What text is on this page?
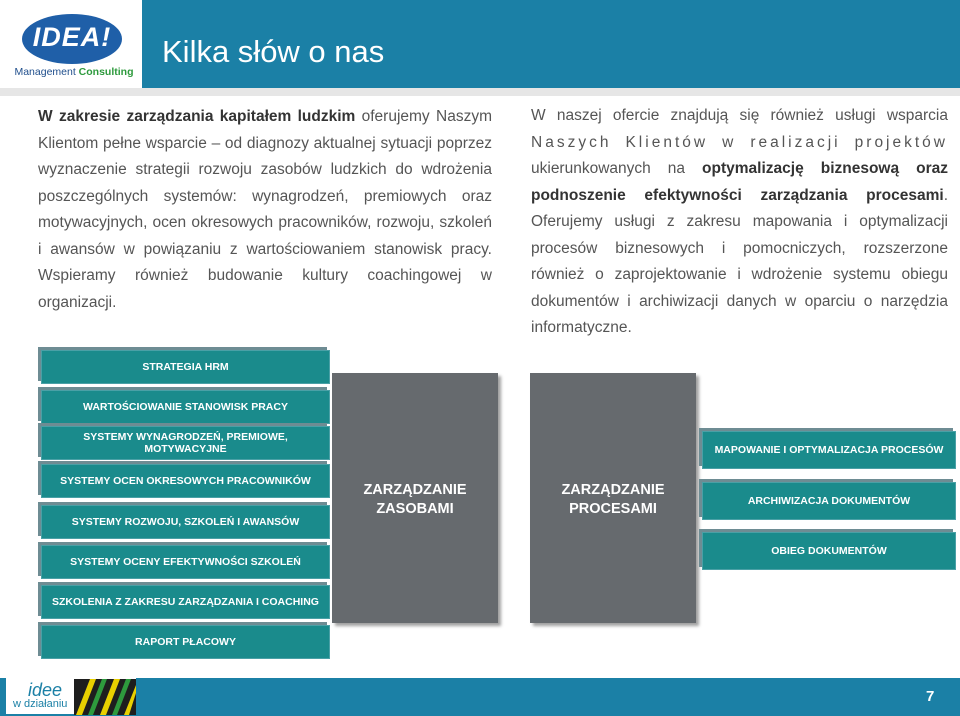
IDEA!
Management Consulting
Kilka słów o nas
W zakresie zarządzania kapitałem ludzkim oferujemy Naszym Klientom pełne wsparcie – od diagnozy aktualnej sytuacji poprzez wyznaczenie strategii rozwoju zasobów ludzkich do wdrożenia poszczególnych systemów: wynagrodzeń, premiowych oraz motywacyjnych, ocen okresowych pracowników, rozwoju, szkoleń i awansów w powiązaniu z wartościowaniem stanowisk pracy. Wspieramy również budowanie kultury coachingowej w organizacji.
W naszej ofercie znajdują się również usługi wsparcia Naszych Klientów w realizacji projektów ukierunkowanych na optymalizację biznesową oraz podnoszenie efektywności zarządzania procesami. Oferujemy usługi z zakresu mapowania i optymalizacji procesów biznesowych i pomocniczych, rozszerzone również o zaprojektowanie i wdrożenie systemu obiegu dokumentów i archiwizacji danych w oparciu o narzędzia informatyczne.
STRATEGIA HRM
WARTOŚCIOWANIE STANOWISK PRACY
SYSTEMY WYNAGRODZEŃ, PREMIOWE, MOTYWACYJNE
SYSTEMY OCEN OKRESOWYCH PRACOWNIKÓW
SYSTEMY ROZWOJU, SZKOLEŃ I AWANSÓW
SYSTEMY OCENY EFEKTYWNOŚCI SZKOLEŃ
SZKOLENIA Z ZAKRESU ZARZĄDZANIA I COACHING
RAPORT PŁACOWY
ZARZĄDZANIE ZASOBAMI
ZARZĄDZANIE PROCESAMI
MAPOWANIE I OPTYMALIZACJA PROCESÓW
ARCHIWIZACJA DOKUMENTÓW
OBIEG DOKUMENTÓW
idee
w działaniu	7
